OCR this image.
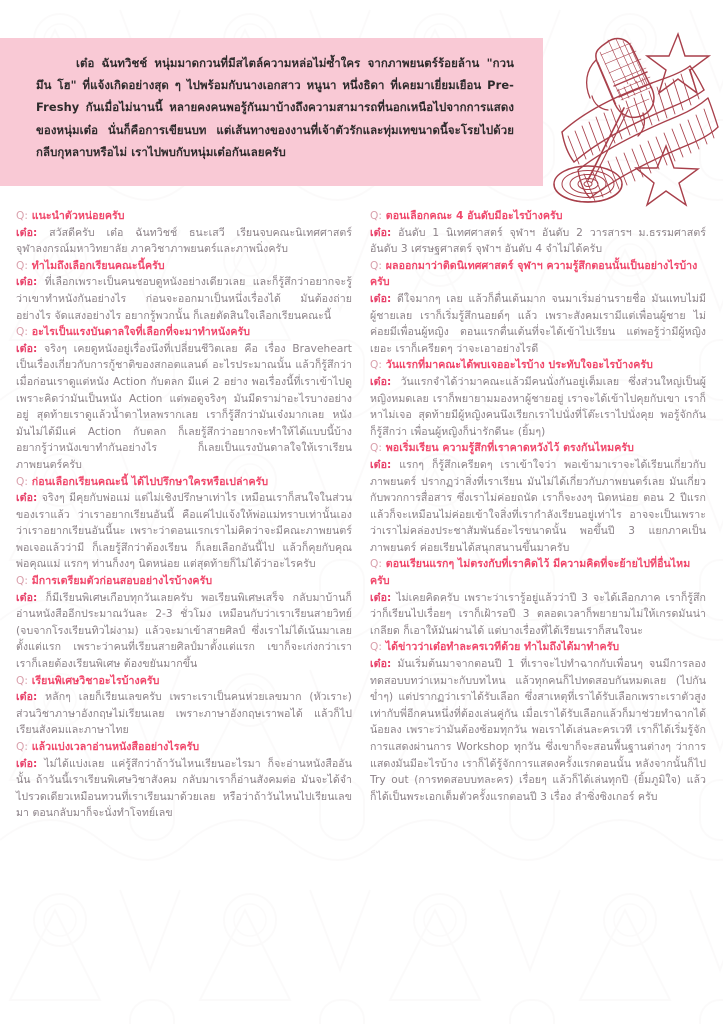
เต๋อ ฉันทวิชช์ หนุ่มมาดกวนที่มีสไตล์ความหล่อไม่ซ้ำใคร จากภาพยนตร์ร้อยล้าน "กวน มึน โฮ" ที่แจ้งเกิดอย่างสุด ๆ ไปพร้อมกับนางเอกสาว หนูนา หนึ่งธิดา ที่เคยมาเยี่ยมเยือน Pre-Freshy กันเมื่อไม่นานนี้ หลายคงคนพอรู้กันมาบ้างถึงความสามารถที่นอกเหนือไปจากการแสดงของหนุ่มเต๋อ นั่นก็คือการเขียนบท แต่เส้นทางของงานที่เจ้าตัวรักและทุ่มเทขนาดนี้จะโรยไปด้วยกลีบกุหลาบหรือไม่ เราไปพบกับหนุ่มเต๋อกันเลยครับ

Q: แนะนำตัวหน่อยครับ

เต๋อ: สวัสดีครับ เต๋อ ฉันทวิชช์ ธนะเสวี เรียนจบคณะนิเทศศาสตร์ จุฬาลงกรณ์มหาวิทยาลัย ภาควิชาภาพยนตร์และภาพนิ่งครับ

Q: ทำไมถึงเลือกเรียนคณะนี้ครับ

เต๋อ: ที่เลือกเพราะเป็นคนชอบดูหนังอย่างเดียวเลย และก็รู้สึกว่าอยากจะรู้ว่าเขาทำหนังกันอย่างไร ก่อนจะออกมาเป็นหนึ่งเรื่องได้ มันต้องถ่ายอย่างไร จัดแสงอย่างไร อยากรู้พวกนั้น ก็เลยตัดสินใจเลือกเรียนคณะนี้

Q: อะไรเป็นแรงบันดาลใจที่เลือกที่จะมาทำหนังครับ

เต๋อ: จริงๆ เคยดูหนังอยู่เรื่องนึงที่เปลี่ยนชีวิตเลย คือ เรื่อง Braveheart เป็นเรื่องเกี่ยวกับการกู้ชาติของสกอตแลนด์ อะไรประมาณนั้น แล้วก็รู้สึกว่าเมื่อก่อนเราดูแต่หนัง Action กับตลก มีแค่ 2 อย่าง พอเรื่องนี้ที่เราเข้าไปดูเพราะคิดว่ามันเป็นหนัง Action แต่พอดูจริงๆ มันมีดราม่าอะไรบางอย่างอยู่ สุดท้ายเราดูแล้วน้ำตาไหลพรากเลย เราก็รู้สึกว่ามันเจ๋งมากเลย หนังมันไม่ได้มีแค่ Action กับตลก ก็เลยรู้สึกว่าอยากจะทำให้ได้แบบนี้บ้าง อยากรู้ว่าหนังเขาทำกันอย่างไร ก็เลยเป็นแรงบันดาลใจให้เราเรียนภาพยนตร์ครับ

Q: ก่อนเลือกเรียนคณะนี้ ได้ไปปรึกษาใครหรือเปล่าครับ

เต๋อ: จริงๆ มีคุยกับพ่อแม่ แต่ไม่เชิงปรึกษาเท่าไร เหมือนเราก็สนใจในส่วนของเราแล้ว ว่าเราอยากเรียนอันนี้ คือแค่ไปแจ้งให้พ่อแม่ทราบเท่านั้นเองว่าเราอยากเรียนอันนี้นะ เพราะว่าตอนแรกเราไม่คิดว่าจะมีคณะภาพยนตร์ พอเจอแล้วว่ามี ก็เลยรู้สึกว่าต้องเรียน ก็เลยเลือกอันนี้ไป แล้วก็คุยกับคุณพ่อคุณแม่ แรกๆ ท่านก็งงๆ นิดหน่อย แต่สุดท้ายก็ไม่ได้ว่าอะไรครับ

Q: มีการเตรียมตัวก่อนสอบอย่างไรบ้างครับ

เต๋อ: ก็มีเรียนพิเศษเกือบทุกวันเลยครับ พอเรียนพิเศษเสร็จ กลับมาบ้านก็อ่านหนังสืออีกประมาณวันละ 2-3 ชั่วโมง เหมือนกับว่าเราเรียนสายวิทย์ (จบจากโรงเรียนทิวไผ่งาม) แล้วจะมาเข้าสายศิลป์ ซึ่งเราไม่ได้เน้นมาเลยตั้งแต่แรก เพราะว่าคนที่เรียนสายศิลป์มาตั้งแต่แรก เขาก็จะเก่งกว่าเรา เราก็เลยต้องเรียนพิเศษ ต้องขยันมากขึ้น

Q: เรียนพิเศษวิชาอะไรบ้างครับ

เต๋อ: หลักๆ เลยก็เรียนเลขครับ เพราะเราเป็นคนห่วยเลขมาก (หัวเราะ) ส่วนวิชาภาษาอังกฤษไม่เรียนเลย เพราะภาษาอังกฤษเราพอได้ แล้วก็ไปเรียนสังคมและภาษาไทย

Q: แล้วแบ่งเวลาอ่านหนังสืออย่างไรครับ

เต๋อ: ไม่ได้แบ่งเลย แค่รู้สึกว่าถ้าวันไหนเรียนอะไรมา ก็จะอ่านหนังสืออันนั้น ถ้าวันนี้เราเรียนพิเศษวิชาสังคม กลับมาเราก็อ่านสังคมต่อ มันจะได้จำไปรวดเดียวเหมือนทวนที่เราเรียนมาด้วยเลย หรือว่าถ้าวันไหนไปเรียนเลขมา ตอนกลับมาก็จะนั่งทำโจทย์เลข

Q: ตอนเลือกคณะ 4 อันดับมีอะไรบ้างครับ

เต๋อ: อันดับ 1 นิเทศศาสตร์ จุฬาฯ อันดับ 2 วารสารฯ ม.ธรรมศาสตร์ อันดับ 3 เศรษฐศาสตร์ จุฬาฯ อันดับ 4 จำไม่ได้ครับ

Q: ผลออกมาว่าติดนิเทศศาสตร์ จุฬาฯ ความรู้สึกตอนนั้นเป็นอย่างไรบ้างครับ

เต๋อ: ดีใจมากๆ เลย แล้วก็ตื่นเต้นมาก จนมาเริ่มอ่านรายชื่อ มันแทบไม่มีผู้ชายเลย เราก็เริ่มรู้สึกนอยด์ๆ แล้ว เพราะสังคมเรามีแต่เพื่อนผู้ชาย ไม่ค่อยมีเพื่อนผู้หญิง ตอนแรกตื่นเต้นที่จะได้เข้าไปเรียน แต่พอรู้ว่ามีผู้หญิงเยอะ เราก็เครียดๆ ว่าจะเอาอย่างไรดี

Q: วันแรกที่มาคณะได้พบเจออะไรบ้าง ประทับใจอะไรบ้างครับ

เต๋อ: วันแรกจำได้ว่ามาคณะแล้วมีคนนั่งกันอยู่เต็มเลย ซึ่งส่วนใหญ่เป็นผู้หญิงหมดเลย เราก็พยายามมองหาผู้ชายอยู่ เราจะได้เข้าไปคุยกับเขา เราก็หาไม่เจอ สุดท้ายมีผู้หญิงคนนึงเรียกเราไปนั่งที่โต๊ะเราไปนั่งคุย พอรู้จักกัน ก็รู้สึกว่า เพื่อนผู้หญิงก็น่ารักดีนะ (ยิ้มๆ)

Q: พอเริ่มเรียน ความรู้สึกที่เราคาดหวังไว้ ตรงกันไหมครับ

เต๋อ: แรกๆ ก็รู้สึกเครียดๆ เราเข้าใจว่า พอเข้ามาเราจะได้เรียนเกี่ยวกับภาพยนตร์ ปรากฏว่าสิ่งที่เราเรียน มันไม่ได้เกี่ยวกับภาพยนตร์เลย มันเกี่ยวกับพวกการสื่อสาร ซึ่งเราไม่ค่อยถนัด เราก็จะงงๆ นิดหน่อย ตอน 2 ปีแรก แล้วก็จะเหมือนไม่ค่อยเข้าใจสิ่งที่เรากำลังเรียนอยู่เท่าไร อาจจะเป็นเพราะว่าเราไม่คล่องประชาสัมพันธ์อะไรขนาดนั้น พอขึ้นปี 3 แยกภาคเป็นภาพยนตร์ ค่อยเรียนได้สนุกสนานขึ้นมาครับ

Q: ตอนเรียนแรกๆ ไม่ตรงกับที่เราคิดไว้ มีความคิดที่จะย้ายไปที่อื่นไหมครับ

เต๋อ: ไม่เคยคิดครับ เพราะว่าเรารู้อยู่แล้วว่าปี 3 จะได้เลือกภาค เราก็รู้สึกว่าก็เรียนไปเรื่อยๆ เราก็เฝ้ารอปี 3 ตลอดเวลาก็พยายามไม่ให้เกรดมันน่าเกลียด ก็เอาให้มันผ่านได้ แต่บางเรื่องที่ได้เรียนเราก็สนใจนะ

Q: ได้ข่าวว่าเต๋อทำละครเวทีด้วย ทำไมถึงได้มาทำครับ

เต๋อ: มันเริ่มต้นมาจากตอนปี 1 ที่เราจะไปทำฉากกับเพื่อนๆ จนมีการลองทดสอบบทว่าเหมาะกับบทไหน แล้วทุกคนก็ไปทดสอบกันหมดเลย (ไปกันข่ำๆ) แต่ปรากฏว่าเราได้รับเลือก ซึ่งสาเหตุที่เราได้รับเลือกเพราะเราตัวสูงเท่ากับพี่อีกคนหนึ่งที่ต้องเล่นคู่กัน เมื่อเราได้รับเลือกแล้วก็มาช่วยทำฉากได้น้อยลง เพราะว่ามันต้องซ้อมทุกวัน พอเราได้เล่นละครเวที เราก็ได้เริ่มรู้จักการแสดงผ่านการ Workshop ทุกวัน ซึ่งเขาก็จะสอนพื้นฐานต่างๆ ว่าการแสดงมันมีอะไรบ้าง เราก็ได้รู้จักการแสดงครั้งแรกตอนนั้น หลังจากนั้นก็ไป Try out (การทดสอบบทละคร) เรื่อยๆ แล้วก็ได้เล่นทุกปี (ยิ้มภูมิใจ) แล้วก็ได้เป็นพระเอกเต็มตัวครั้งแรกตอนปี 3 เรื่อง ลำซิ่งซิงเกอร์ ครับ
